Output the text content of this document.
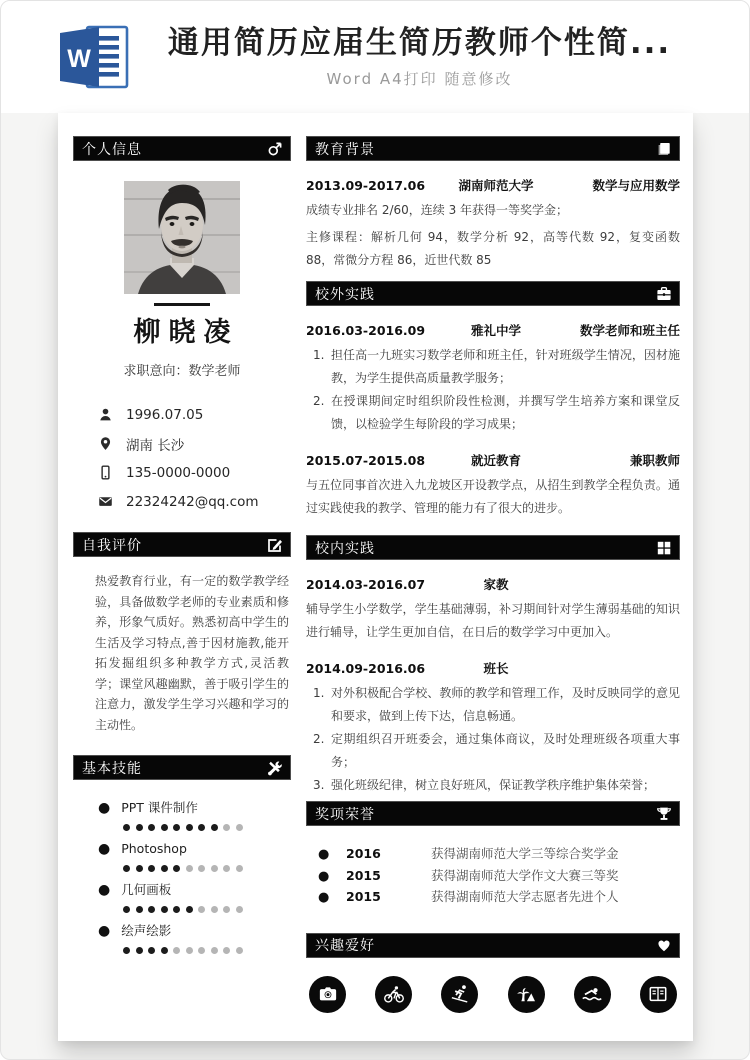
W 通用简历应届生简历教师个性简...
Word A4打印 随意修改
个人信息
柳晓凌
求职意向：数学老师
1996.07.05
湖南 长沙
135-0000-0000
22324242@qq.com
自我评价

热爱教育行业，有一定的数学教学经验，具备做数学老师的专业素质和修养，形象气质好。熟悉初高中学生的生活及学习特点,善于因材施教,能开拓发掘组织多种教学方式,灵活教学；课堂风趣幽默，善于吸引学生的注意力，激发学生学习兴趣和学习的主动性。

基本技能
● PPT 课件制作
● Photoshop
● 几何画板
● 绘声绘影
教育背景
2013.09-2017.06	湖南师范大学	数学与应用数学

成绩专业排名 2/60，连续 3 年获得一等奖学金；

主修课程：解析几何 94，数学分析 92，高等代数 92，复变函数 88，常微分方程 86，近世代数 85

校外实践
2016.03-2016.09	雅礼中学	数学老师和班主任
1. 担任高一九班实习数学老师和班主任，针对班级学生情况，因材施教，为学生提供高质量教学服务；
2. 在授课期间定时组织阶段性检测，并撰写学生培养方案和课堂反馈，以检验学生每阶段的学习成果；
2015.07-2015.08	就近教育	兼职教师

与五位同事首次进入九龙坡区开设教学点，从招生到教学全程负责。通过实践使我的教学、管理的能力有了很大的进步。

校内实践
2014.03-2016.07	家教

辅导学生小学数学，学生基础薄弱，补习期间针对学生薄弱基础的知识进行辅导，让学生更加自信，在日后的数学学习中更加入。

2014.09-2016.06	班长
1. 对外积极配合学校、教师的教学和管理工作，及时反映同学的意见和要求，做到上传下达，信息畅通。
2. 定期组织召开班委会，通过集体商议，及时处理班级各项重大事务；
3. 强化班级纪律，树立良好班风，保证教学秩序维护集体荣誉；
奖项荣誉
● 2016	获得湖南师范大学三等综合奖学金
● 2015	获得湖南师范大学作文大赛三等奖
● 2015	获得湖南师范大学志愿者先进个人
兴趣爱好
